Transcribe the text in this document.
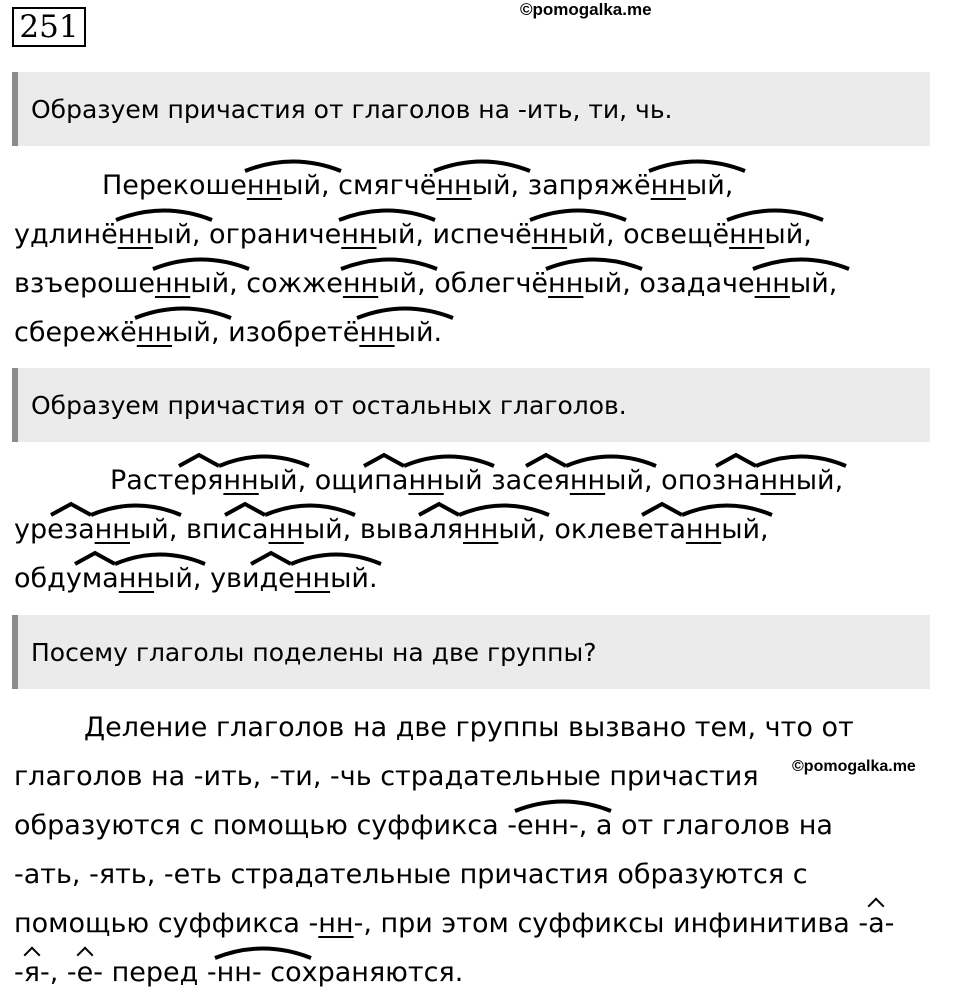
251	©pomogalka.me
Образуем причастия от глаголов на -ить, ти, чь.
Перекоше
нный, смягчё
нный, запряжё
нный,
удлинё
нный, ограниче
нный, испечё
нный, освещё
нный,
взъероше
нный, сожже
нный, облегчё
нный, озадаче
нный,
сбережё
нный, изобретё
нный.
Образуем причастия от остальных глаголов.
Растеря
нный, ощипа
нный засея
нный, опозна
нный,
уреза
нный, вписа
нный, вываля
нный, оклевета
нный,
обдума
нный, увиде
нный.
Посему глаголы поделены на две группы?
Деление глаголов на две группы вызвано тем, что от
глаголов на -ить, -ти, -чь страдательные причастия
образуются с помощью суффикса -
енн-, а от глаголов на
-ать, -ять, -еть страдательные причастия образуются с
помощью суффикса -нн-, при этом суффиксы инфинитива -а-
-я-, -е- перед -
нн- сохраняются.
©pomogalka.me
